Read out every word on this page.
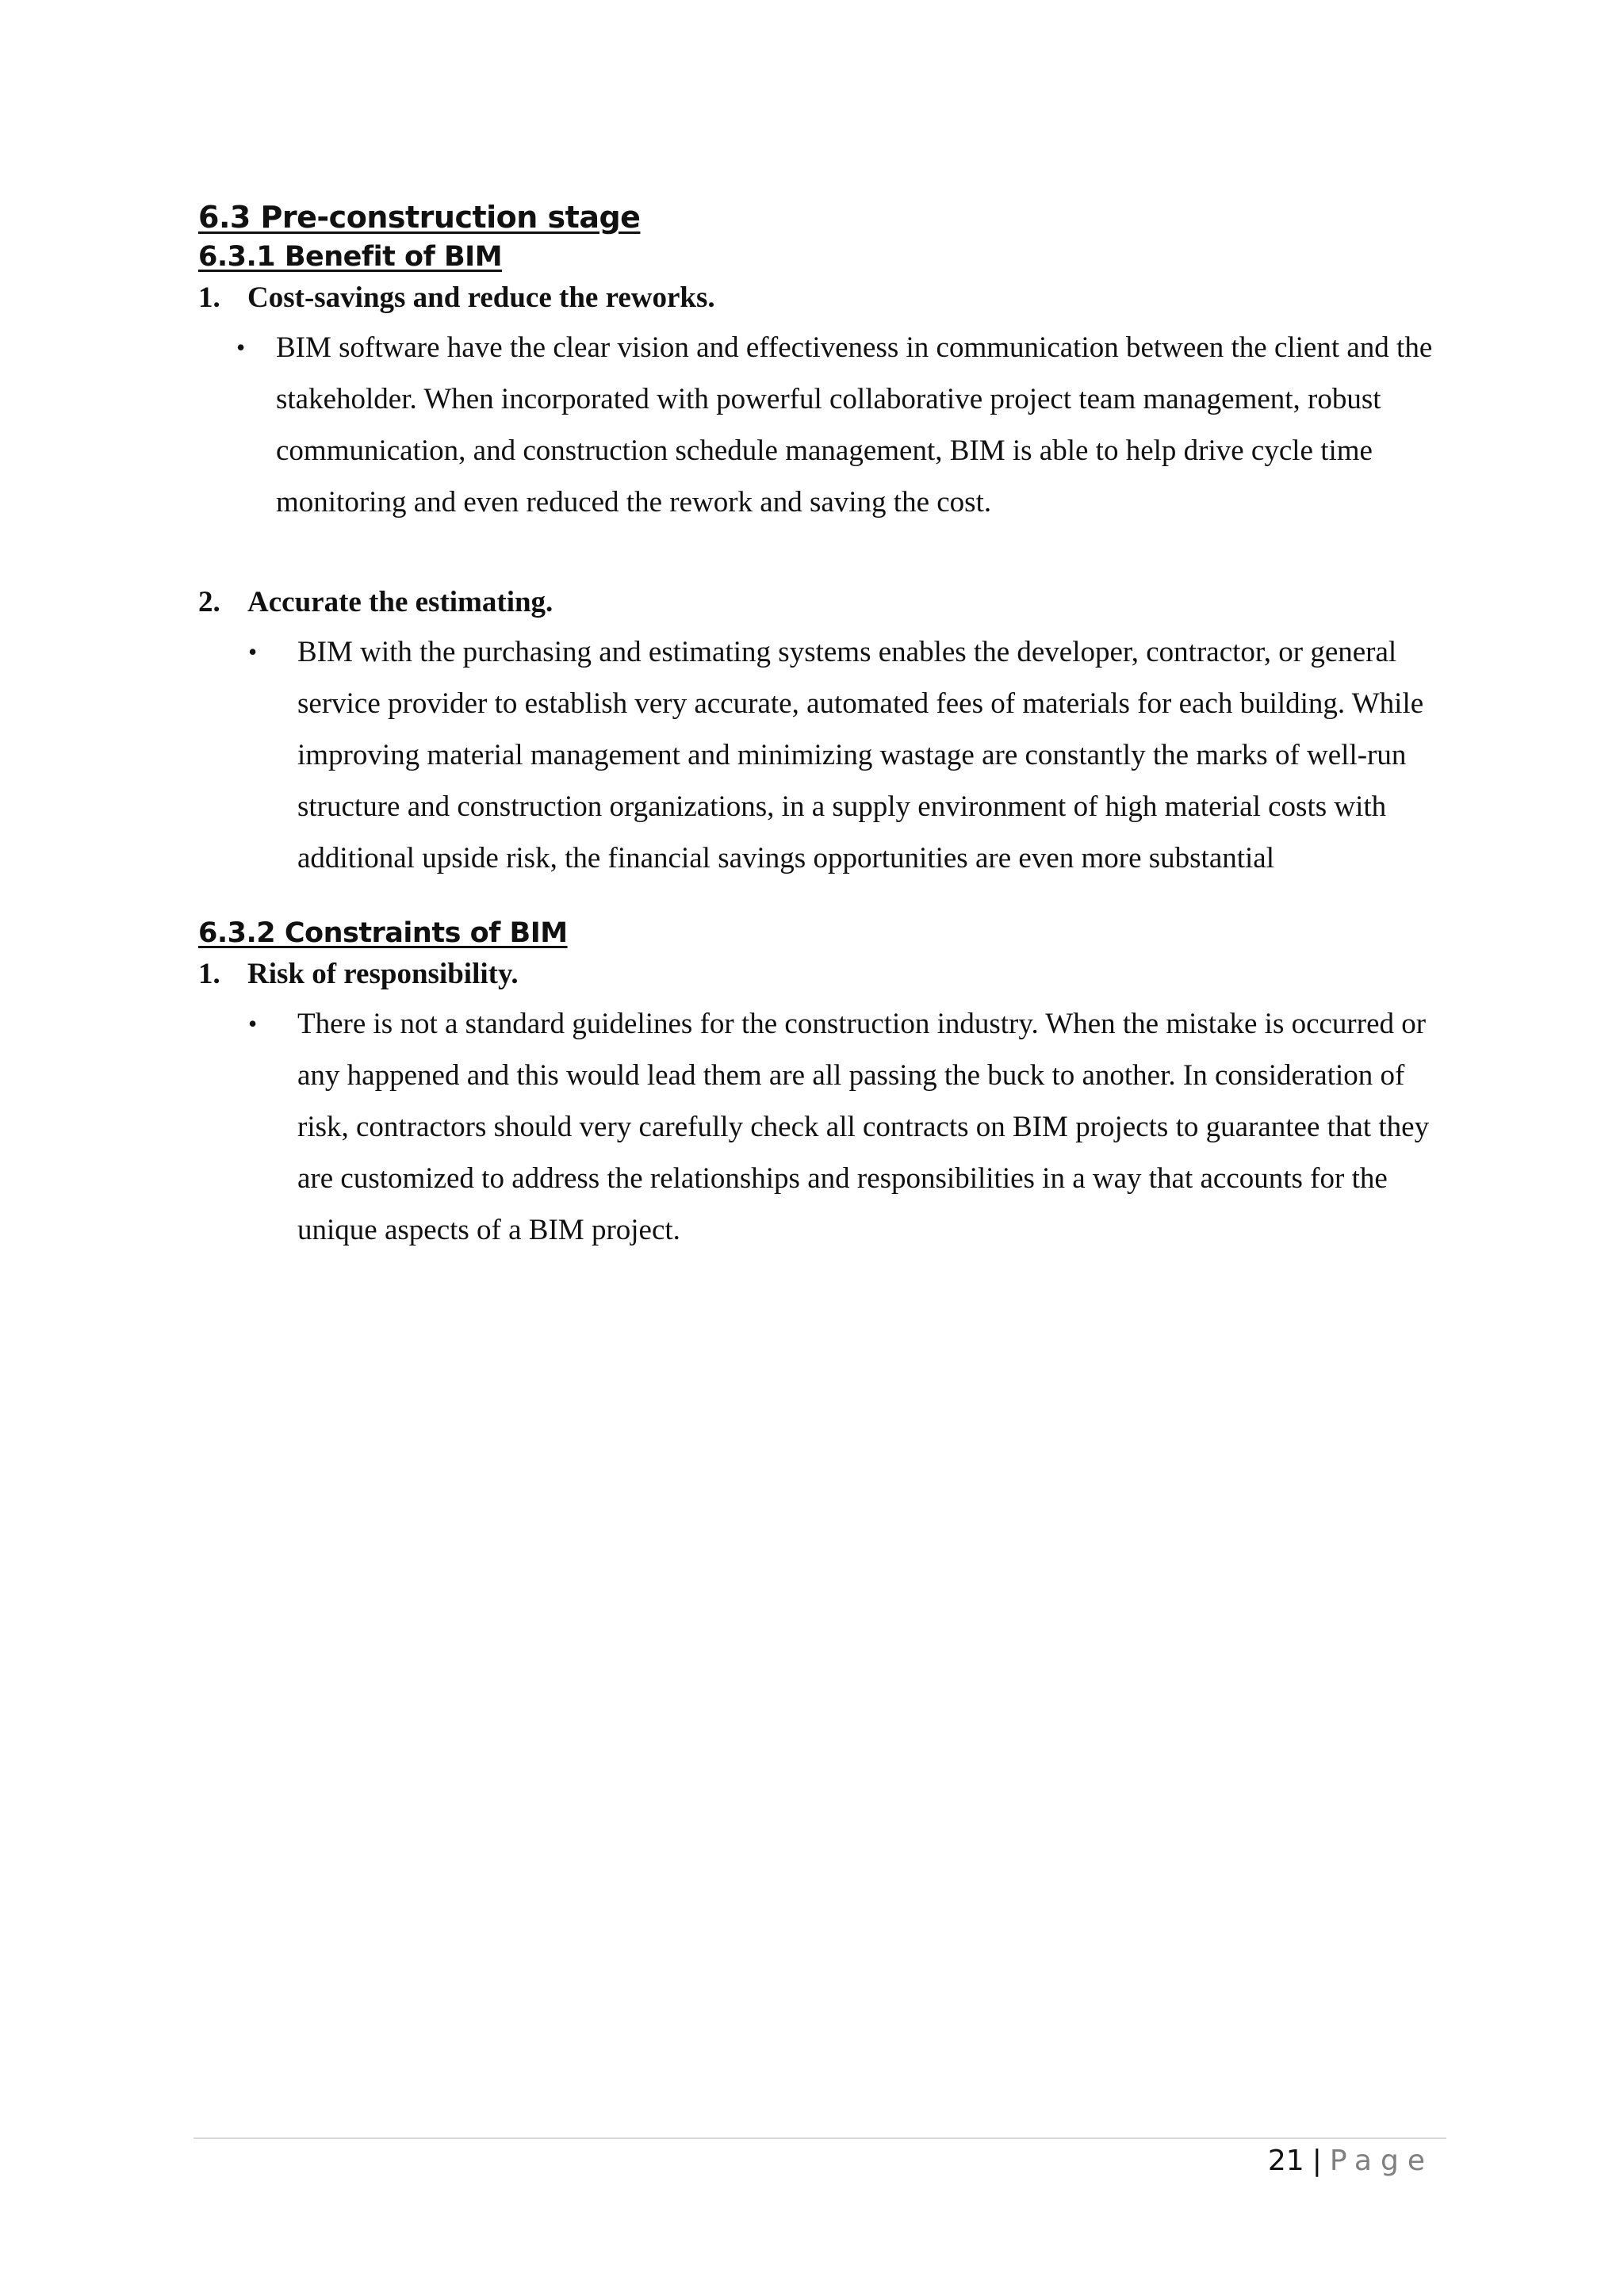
6.3 Pre-construction stage
6.3.1 Benefit of BIM
1. Cost-savings and reduce the reworks.
•	BIM software have the clear vision and effectiveness in communication between the client and the stakeholder. When incorporated with powerful collaborative project team management, robust communication, and construction schedule management, BIM is able to help drive cycle time monitoring and even reduced the rework and saving the cost.
2. Accurate the estimating.
•	BIM with the purchasing and estimating systems enables the developer, contractor, or general service provider to establish very accurate, automated fees of materials for each building. While improving material management and minimizing wastage are constantly the marks of well-run structure and construction organizations, in a supply environment of high material costs with additional upside risk, the financial savings opportunities are even more substantial
6.3.2 Constraints of BIM
1. Risk of responsibility.
•	There is not a standard guidelines for the construction industry. When the mistake is occurred or any happened and this would lead them are all passing the buck to another. In consideration of risk, contractors should very carefully check all contracts on BIM projects to guarantee that they are customized to address the relationships and responsibilities in a way that accounts for the unique aspects of a BIM project.
21 | Page
